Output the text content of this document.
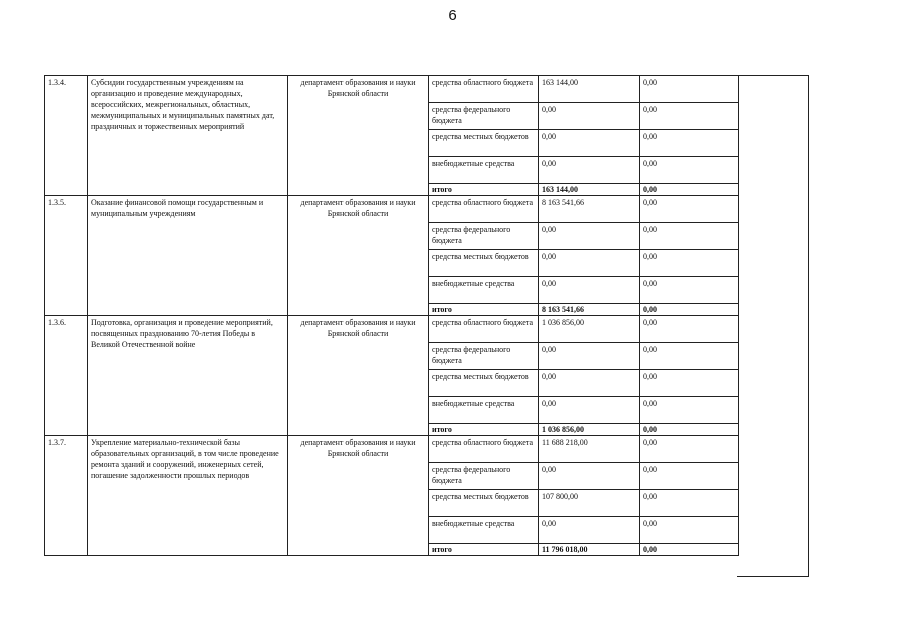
6
1.3.4.	Субсидии государственным учреждениям на организацию и проведение международных, всероссийских, межрегиональных, областных, межмуниципальных и муниципальных памятных дат, праздничных и торжественных мероприятий	департамент образования и науки Брянской области	средства областного бюджета	163 144,00	0,00
			средства федерального бюджета	0,00	0,00
			средства местных бюджетов	0,00	0,00
			внебюджетные средства	0,00	0,00
			итого	163 144,00	0,00
1.3.5.	Оказание финансовой помощи государственным и муниципальным учреждениям	департамент образования и науки Брянской области	средства областного бюджета	8 163 541,66	0,00
			средства федерального бюджета	0,00	0,00
			средства местных бюджетов	0,00	0,00
			внебюджетные средства	0,00	0,00
			итого	8 163 541,66	0,00
1.3.6.	Подготовка, организация и проведение мероприятий, посвященных празднованию 70-летия Победы в Великой Отечественной войне	департамент образования и науки Брянской области	средства областного бюджета	1 036 856,00	0,00
			средства федерального бюджета	0,00	0,00
			средства местных бюджетов	0,00	0,00
			внебюджетные средства	0,00	0,00
			итого	1 036 856,00	0,00
1.3.7.	Укрепление материально-технической базы образовательных организаций, в том числе проведение ремонта зданий и сооружений, инженерных сетей, погашение задолженности прошлых периодов	департамент образования и науки Брянской области	средства областного бюджета	11 688 218,00	0,00
			средства федерального бюджета	0,00	0,00
			средства местных бюджетов	107 800,00	0,00
			внебюджетные средства	0,00	0,00
			итого	11 796 018,00	0,00
